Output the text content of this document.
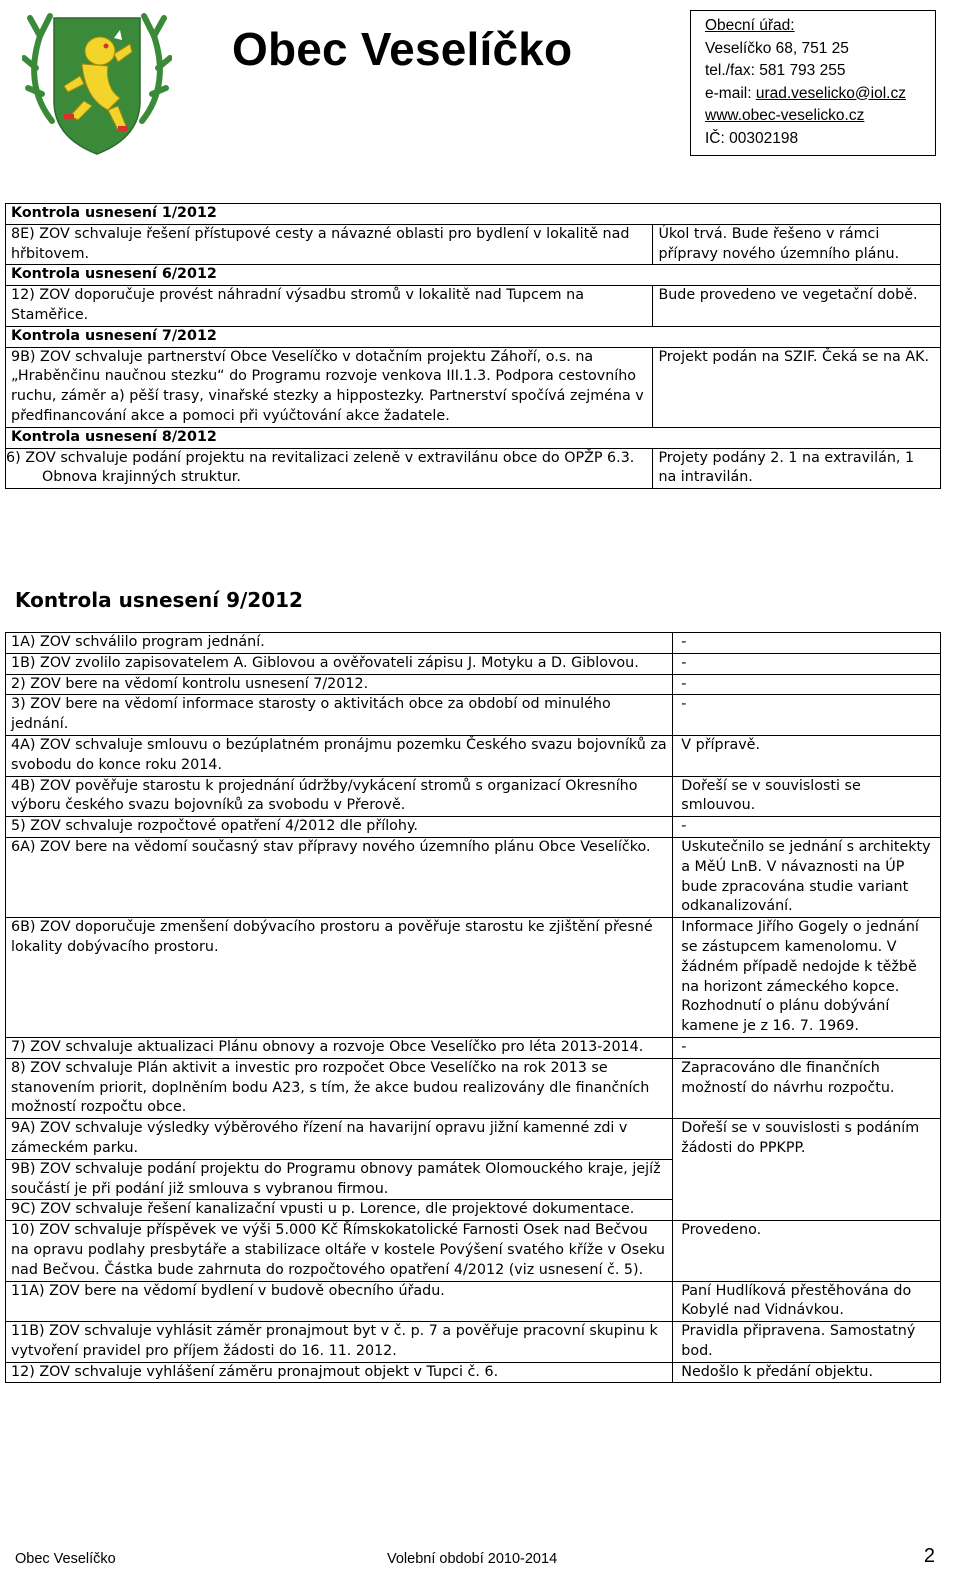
Obec Veselíčko	Obecní úřad:
Veselíčko 68, 751 25
tel./fax: 581 793 255
e-mail: urad.veselicko@iol.cz
www.obec-veselicko.cz
IČ: 00302198
Kontrola usnesení 1/2012	
8E) ZOV schvaluje řešení přístupové cesty a návazné oblasti pro bydlení v lokalitě nad hřbitovem.	Úkol trvá. Bude řešeno v rámci přípravy nového územního plánu.
Kontrola usnesení 6/2012	
12) ZOV doporučuje provést náhradní výsadbu stromů v lokalitě nad Tupcem na Staměřice.	Bude provedeno ve vegetační době.
Kontrola usnesení 7/2012	
9B) ZOV schvaluje partnerství Obce Veselíčko v dotačním projektu Záhoří, o.s. na „Hraběnčinu naučnou stezku“ do Programu rozvoje venkova III.1.3. Podpora cestovního ruchu, záměr a) pěší trasy, vinařské stezky a hippostezky. Partnerství spočívá zejména v předfinancování akce a pomoci při vyúčtování akce žadatele.	Projekt podán na SZIF. Čeká se na AK.
Kontrola usnesení 8/2012	
6) ZOV schvaluje podání projektu na revitalizaci zeleně v extravilánu obce do OPŽP 6.3. Obnova krajinných struktur.	Projety podány 2. 1 na extravilán, 1 na intravilán.
Kontrola usnesení 9/2012
1A) ZOV schválilo program jednání.	-
1B) ZOV zvolilo zapisovatelem A. Giblovou a ověřovateli zápisu J. Motyku a D. Giblovou.	-
2) ZOV bere na vědomí kontrolu usnesení 7/2012.	-
3) ZOV bere na vědomí informace starosty o aktivitách obce za období od minulého jednání.	-
4A) ZOV schvaluje smlouvu o bezúplatném pronájmu pozemku Českého svazu bojovníků za svobodu do konce roku 2014.	V přípravě.
4B) ZOV pověřuje starostu k projednání údržby/vykácení stromů s organizací Okresního výboru českého svazu bojovníků za svobodu v Přerově.	Dořeší se v souvislosti se smlouvou.
5) ZOV schvaluje rozpočtové opatření 4/2012 dle přílohy.	-
6A) ZOV bere na vědomí současný stav přípravy nového územního plánu Obce Veselíčko.	Uskutečnilo se jednání s architekty a MěÚ LnB. V návaznosti na ÚP bude zpracována studie variant odkanalizování.
6B) ZOV doporučuje zmenšení dobývacího prostoru a pověřuje starostu ke zjištění přesné lokality dobývacího prostoru.	Informace Jiřího Gogely o jednání se zástupcem kamenolomu. V žádném případě nedojde k těžbě na horizont zámeckého kopce. Rozhodnutí o plánu dobývání kamene je z 16. 7. 1969.
7) ZOV schvaluje aktualizaci Plánu obnovy a rozvoje Obce Veselíčko pro léta 2013-2014.	-
8) ZOV schvaluje Plán aktivit a investic pro rozpočet Obce Veselíčko na rok 2013 se stanovením priorit, doplněním bodu A23, s tím, že akce budou realizovány dle finančních možností rozpočtu obce.	Zapracováno dle finančních možností do návrhu rozpočtu.
9A) ZOV schvaluje výsledky výběrového řízení na havarijní opravu jižní kamenné zdi v zámeckém parku.	Dořeší se v souvislosti s podáním žádosti do PPKPP.
9B) ZOV schvaluje podání projektu do Programu obnovy památek Olomouckého kraje, jejíž součástí je při podání již smlouva s vybranou firmou.	
9C) ZOV schvaluje řešení kanalizační vpusti u p. Lorence, dle projektové dokumentace.	
10) ZOV schvaluje příspěvek ve výši 5.000 Kč Římskokatolické Farnosti Osek nad Bečvou na opravu podlahy presbytáře a stabilizace oltáře v kostele Povýšení svatého kříže v Oseku nad Bečvou. Částka bude zahrnuta do rozpočtového opatření 4/2012 (viz usnesení č. 5).	Provedeno.
11A) ZOV bere na vědomí bydlení v budově obecního úřadu.	Paní Hudlíková přestěhována do Kobylé nad Vidnávkou.
11B) ZOV schvaluje vyhlásit záměr pronajmout byt v č. p. 7 a pověřuje pracovní skupinu k vytvoření pravidel pro příjem žádosti do 16. 11. 2012.	Pravidla připravena. Samostatný bod.
12) ZOV schvaluje vyhlášení záměru pronajmout objekt v Tupci č. 6.	Nedošlo k předání objektu.
Obec Veselíčko	Volební období 2010-2014	2
